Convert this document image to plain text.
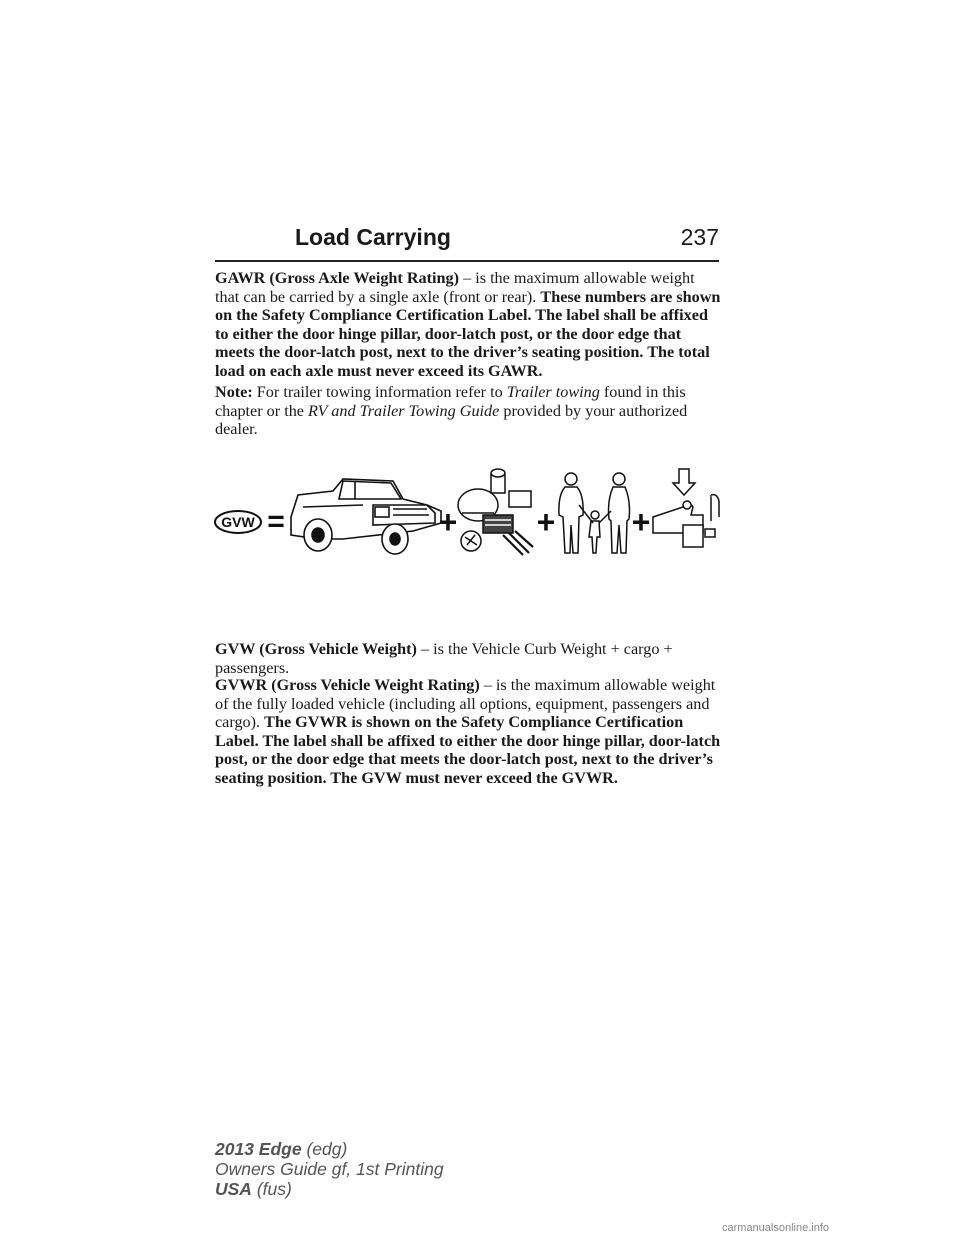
Load Carrying	237

GAWR (Gross Axle Weight Rating) – is the maximum allowable weight that can be carried by a single axle (front or rear). These numbers are shown on the Safety Compliance Certification Label. The label shall be affixed to either the door hinge pillar, door-latch post, or the door edge that meets the door-latch post, next to the driver’s seating position. The total load on each axle must never exceed its GAWR.

Note: For trailer towing information refer to Trailer towing found in this chapter or the RV and Trailer Towing Guide provided by your authorized dealer.

GVW =	+ + +

GVW (Gross Vehicle Weight) – is the Vehicle Curb Weight + cargo + passengers.

GVWR (Gross Vehicle Weight Rating) – is the maximum allowable weight of the fully loaded vehicle (including all options, equipment, passengers and cargo). The GVWR is shown on the Safety Compliance Certification Label. The label shall be affixed to either the door hinge pillar, door-latch post, or the door edge that meets the door-latch post, next to the driver’s seating position. The GVW must never exceed the GVWR.

2013 Edge (edg)
Owners Guide gf, 1st Printing
USA (fus)
carmanualsonline.info
